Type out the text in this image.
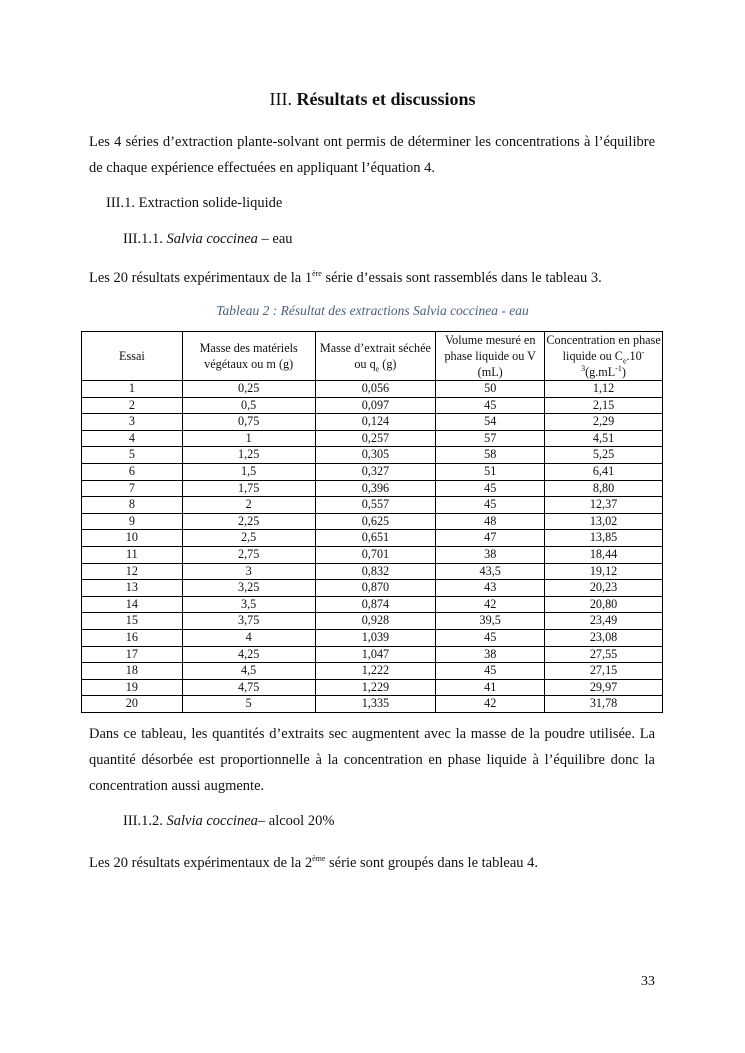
III. Résultats et discussions

Les 4 séries d’extraction plante-solvant ont permis de déterminer les concentrations à l’équilibre de chaque expérience effectuées en appliquant l’équation 4.

III.1. Extraction solide-liquide
III.1.1. Salvia coccinea – eau
Les 20 résultats expérimentaux de la 1ère série d’essais sont rassemblés dans le tableau 3.
Tableau 2 : Résultat des extractions Salvia coccinea - eau
Essai	Masse des matériels végétaux ou m (g)	Masse d’extrait séchée ou $q_e$ (g)	Volume mesuré en phase liquide ou V (mL)	Concentration en phase liquide ou $C_e.10^{-3}(g.mL^{-1})$
1	0,25	0,056	50	1,12
2	0,5	0,097	45	2,15
3	0,75	0,124	54	2,29
4	1	0,257	57	4,51
5	1,25	0,305	58	5,25
6	1,5	0,327	51	6,41
7	1,75	0,396	45	8,80
8	2	0,557	45	12,37
9	2,25	0,625	48	13,02
10	2,5	0,651	47	13,85
11	2,75	0,701	38	18,44
12	3	0,832	43,5	19,12
13	3,25	0,870	43	20,23
14	3,5	0,874	42	20,80
15	3,75	0,928	39,5	23,49
16	4	1,039	45	23,08
17	4,25	1,047	38	27,55
18	4,5	1,222	45	27,15
19	4,75	1,229	41	29,97
20	5	1,335	42	31,78

Dans ce tableau, les quantités d’extraits sec augmentent avec la masse de la poudre utilisée. La quantité désorbée est proportionnelle à la concentration en phase liquide à l’équilibre donc la concentration aussi augmente.

III.1.2. Salvia coccinea– alcool 20%
Les 20 résultats expérimentaux de la 2ème série sont groupés dans le tableau 4.
33
